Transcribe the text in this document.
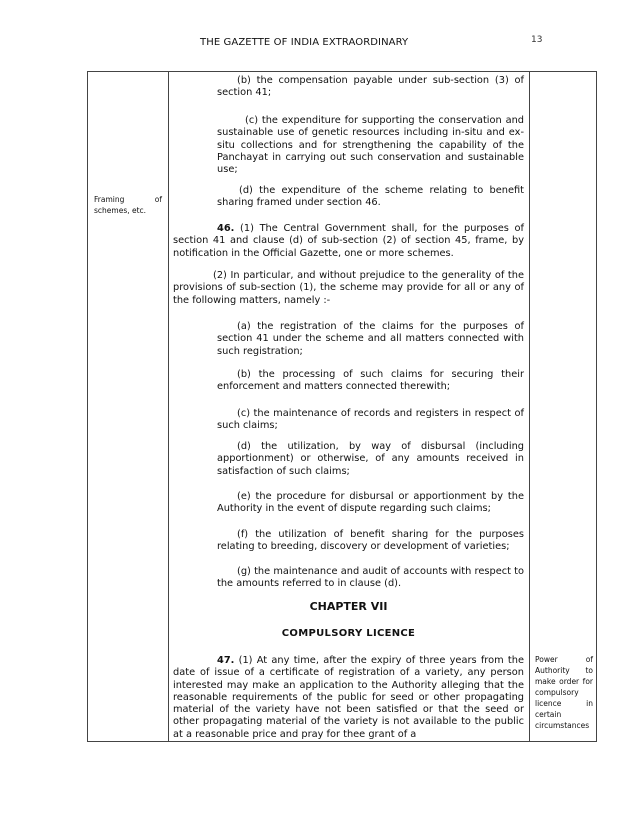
THE GAZETTE OF INDIA EXTRAORDINARY	13
Framing of schemes, etc.
Power of Authority to make order for compulsory licence in certain circumstances
(b) the compensation payable under sub-section (3) of section 41;
(c) the expenditure for supporting the conservation and sustainable use of genetic resources including in-situ and ex-situ collections and for strengthening the capability of the Panchayat in carrying out such conservation and sustainable use;
(d) the expenditure of the scheme relating to benefit sharing framed under section 46.
46. (1) The Central Government shall, for the purposes of section 41 and clause (d) of sub-section (2) of section 45, frame, by notification in the Official Gazette, one or more schemes.
(2) In particular, and without prejudice to the generality of the provisions of sub-section (1), the scheme may provide for all or any of the following matters, namely :-
(a) the registration of the claims for the purposes of section 41 under the scheme and all matters connected with such registration;
(b) the processing of such claims for securing their enforcement and matters connected therewith;
(c) the maintenance of records and registers in respect of such claims;
(d) the utilization, by way of disbursal (including apportionment) or otherwise, of any amounts received in satisfaction of such claims;
(e) the procedure for disbursal or apportionment by the Authority in the event of dispute regarding such claims;
(f) the utilization of benefit sharing for the purposes relating to breeding, discovery or development of varieties;
(g) the maintenance and audit of accounts with respect to the amounts referred to in clause (d).
CHAPTER VII
COMPULSORY LICENCE
47. (1) At any time, after the expiry of three years from the date of issue of a certificate of registration of a variety, any person interested may make an application to the Authority alleging that the reasonable requirements of the public for seed or other propagating material of the variety have not been satisfied or that the seed or other propagating material of the variety is not available to the public at a reasonable price and pray for thee grant of a
